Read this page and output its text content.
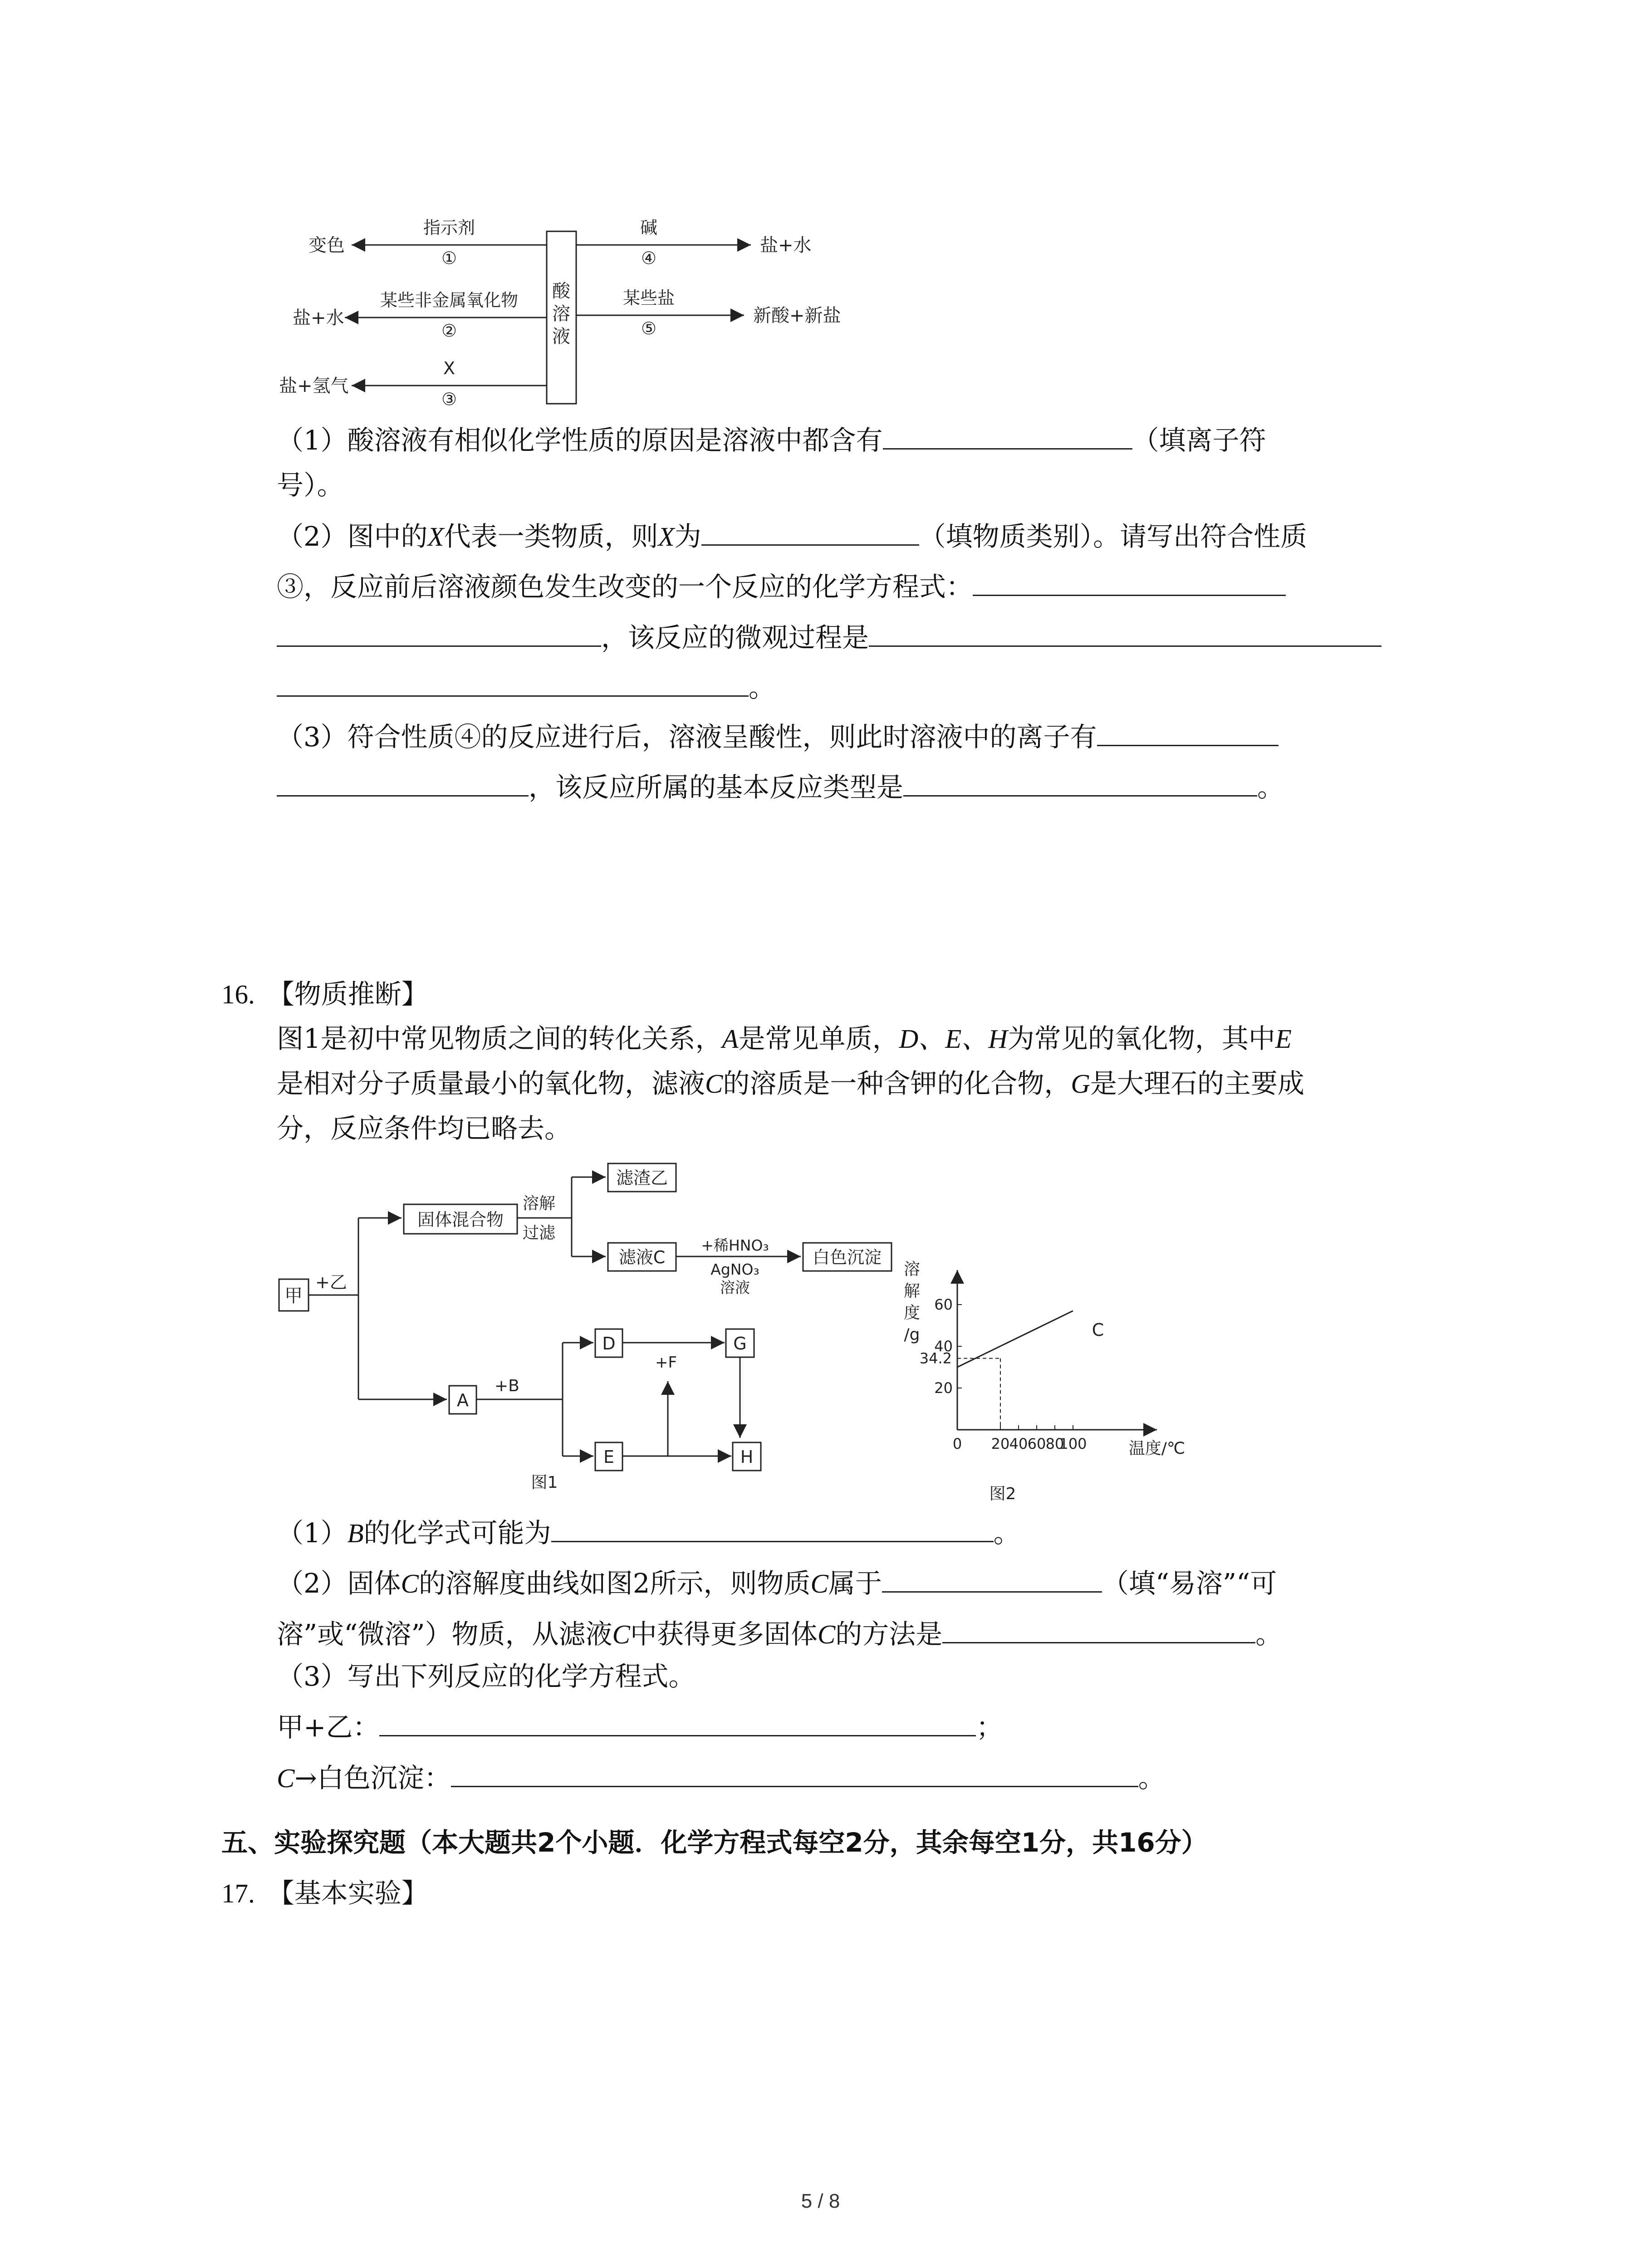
酸
溶
液
指示剂
①
变色
某些非金属氧化物
②
盐+水
X
③
盐+氢气
碱
④
盐+水
某些盐
⑤
新酸+新盐
（1）酸溶液有相似化学性质的原因是溶液中都含有	（填离子符
号）。
（2）图中的X代表一类物质，则X为	（填物质类别）。请写出符合性质
③，反应前后溶液颜色发生改变的一个反应的化学方程式：
，该反应的微观过程是
。
（3）符合性质④的反应进行后，溶液呈酸性，则此时溶液中的离子有
，该反应所属的基本反应类型是	。
16. 【物质推断】
图1是初中常见物质之间的转化关系，A是常见单质，D、E、H为常见的氧化物，其中E
是相对分子质量最小的氧化物，滤液C的溶质是一种含钾的化合物，G是大理石的主要成
分，反应条件均已略去。
甲
+乙
固体混合物
溶解
过滤
滤渣乙
滤液C
+稀HNO₃
AgNO₃
溶液
白色沉淀
A
+B
D
E
+F
G
H
图1
溶
解
度
/g
0 20 40 60 80
100
20
40
60
34.2
温度/℃
C
图2
（1）B的化学式可能为	。
（2）固体C的溶解度曲线如图2所示，则物质C属于	（填“易溶”“可
溶”或“微溶”）物质，从滤液C中获得更多固体C的方法是	。
（3）写出下列反应的化学方程式。
甲+乙：	；
C→白色沉淀：	。
五、实验探究题（本大题共2个小题．化学方程式每空2分，其余每空1分，共16分）
17. 【基本实验】
5 / 8
